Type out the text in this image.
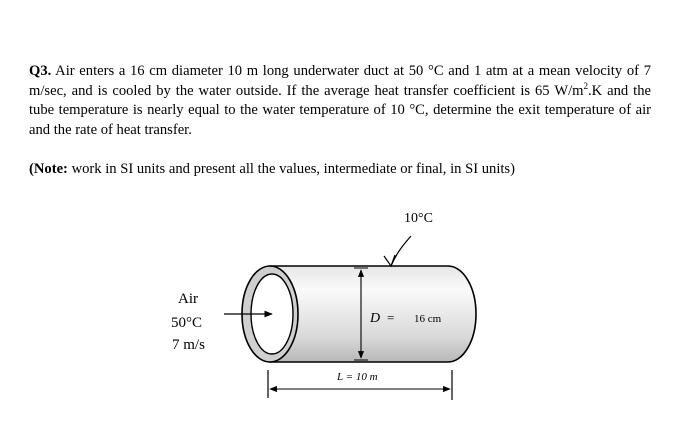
Q3. Air enters a 16 cm diameter 10 m long underwater duct at 50 °C and 1 atm at a mean velocity of 7 m/sec, and is cooled by the water outside. If the average heat transfer coefficient is 65 $W/m^2.K$ and the tube temperature is nearly equal to the water temperature of 10 °C, determine the exit temperature of air and the rate of heat transfer.
(Note: work in SI units and present all the values, intermediate or final, in SI units)
10°C
Air
50°C
7 m/s
D = 16 cm
L = 10 m
